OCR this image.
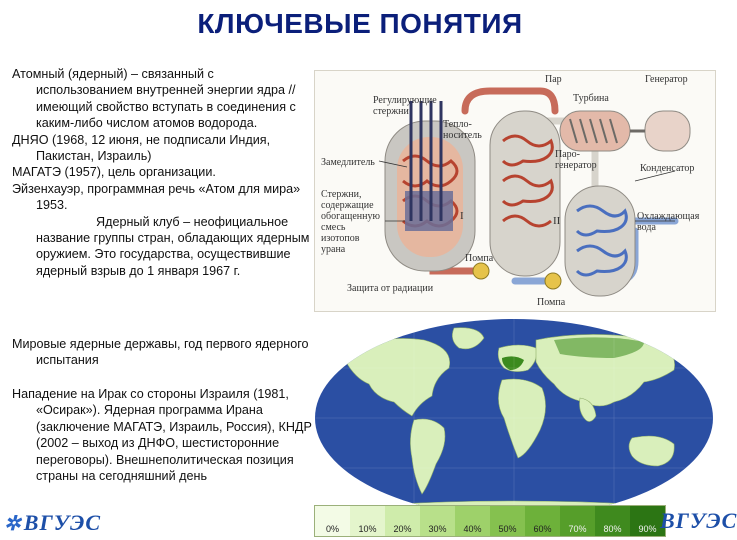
КЛЮЧЕВЫЕ ПОНЯТИЯ

Атомный (ядерный) – связанный с использованием внутренней энергии ядра // имеющий свойство вступать в соединения с каким-либо числом атомов водорода.

ДНЯО (1968, 12 июня, не подписали Индия, Пакистан, Израиль)

МАГАТЭ (1957), цель организации.

Эйзенхауэр, программная речь «Атом для мира» 1953.

Ядерный клуб – неофициальное название группы стран, обладающих ядерным оружием. Это государства, осуществившие ядерный взрыв до 1 января 1967 г.

Мировые ядерные державы, год первого ядерного испытания

Нападение на Ирак со стороны Израиля (1981, «Осирак»). Ядерная программа Ирана (заключение МАГАТЭ, Израиль, Россия), КНДР (2002 – выход из ДНФО, шестисторонние переговоры). Внешнеполитическая позиция страны на сегодняшний день

Пар	Генератор
Турбина
Регулирующие стержни
Тепло-носитель
Замедлитель
Паро-генератор	Конденсатор
Стержни, содержащие обогащенную смесь изотопов урана
Охлаждающая вода
Помпа
Помпа
Защита от радиации
I	II
0% 10% 20% 30% 40% 50% 60% 70% 80% 90%
✲ВГУЭС	ВГУЭС
